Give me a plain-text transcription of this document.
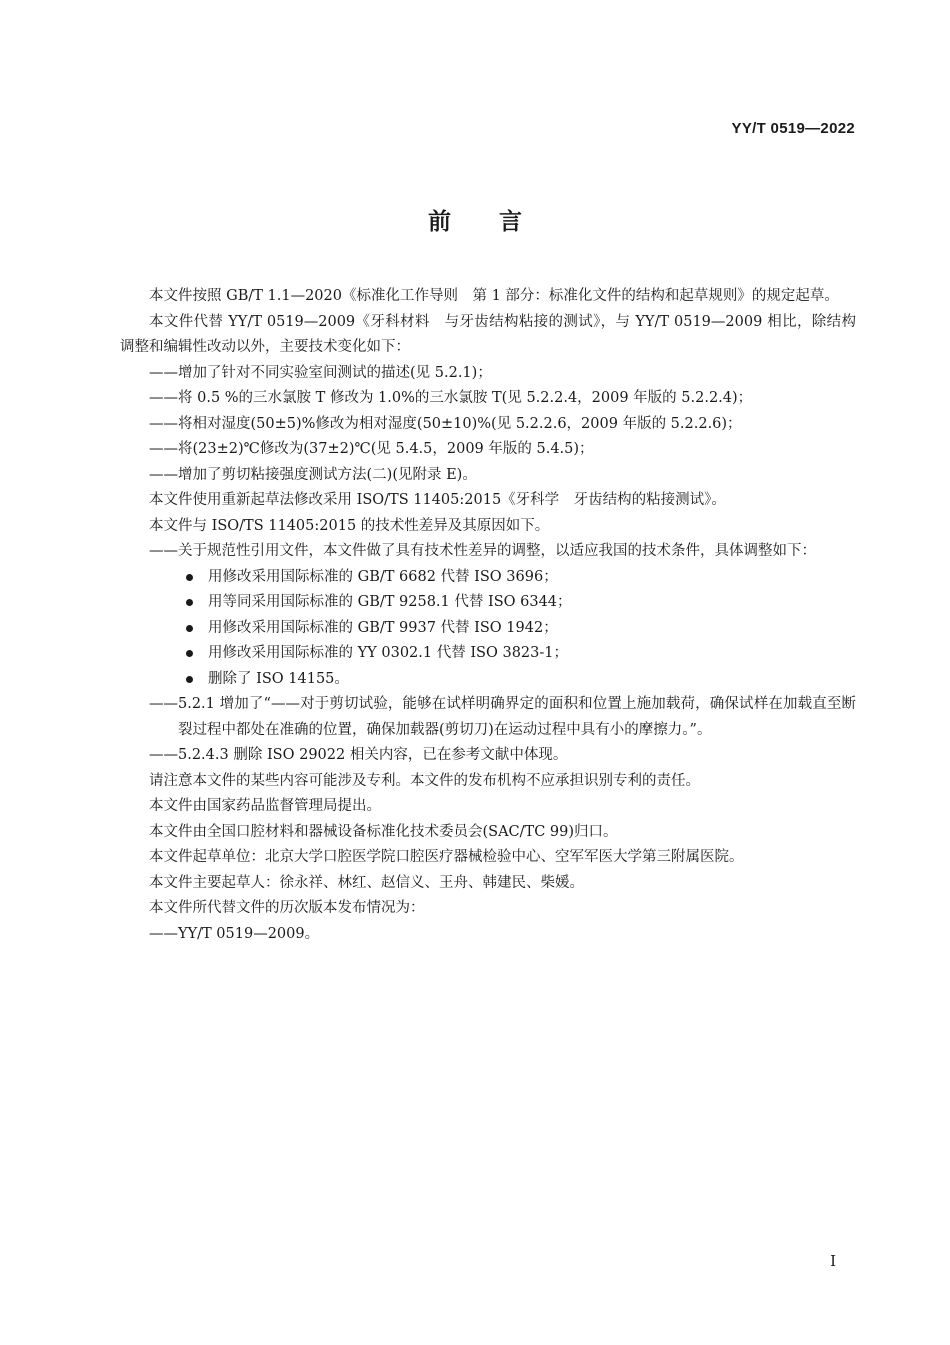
YY/T 0519—2022
前言

本文件按照 GB/T 1.1—2020《标准化工作导则　第 1 部分：标准化文件的结构和起草规则》的规定起草。

本文件代替 YY/T 0519—2009《牙科材料　与牙齿结构粘接的测试》，与 YY/T 0519—2009 相比，除结构调整和编辑性改动以外，主要技术变化如下：

——增加了针对不同实验室间测试的描述(见 5.2.1)；

——将 0.5 %的三水氯胺 T 修改为 1.0%的三水氯胺 T(见 5.2.2.4，2009 年版的 5.2.2.4)；

——将相对湿度(50±5)%修改为相对湿度(50±10)%(见 5.2.2.6，2009 年版的 5.2.2.6)；

——将(23±2)℃修改为(37±2)℃(见 5.4.5，2009 年版的 5.4.5)；

——增加了剪切粘接强度测试方法(二)(见附录 E)。

本文件使用重新起草法修改采用 ISO/TS 11405:2015《牙科学　牙齿结构的粘接测试》。

本文件与 ISO/TS 11405:2015 的技术性差异及其原因如下。

——关于规范性引用文件，本文件做了具有技术性差异的调整，以适应我国的技术条件，具体调整如下：

用修改采用国际标准的 GB/T 6682 代替 ISO 3696；

用等同采用国际标准的 GB/T 9258.1 代替 ISO 6344；

用修改采用国际标准的 GB/T 9937 代替 ISO 1942；

用修改采用国际标准的 YY 0302.1 代替 ISO 3823-1；

删除了 ISO 14155。

——5.2.1 增加了“——对于剪切试验，能够在试样明确界定的面积和位置上施加载荷，确保试样在加载直至断裂过程中都处在准确的位置，确保加载器(剪切刀)在运动过程中具有小的摩擦力。”。

——5.2.4.3 删除 ISO 29022 相关内容，已在参考文献中体现。

请注意本文件的某些内容可能涉及专利。本文件的发布机构不应承担识别专利的责任。

本文件由国家药品监督管理局提出。

本文件由全国口腔材料和器械设备标准化技术委员会(SAC/TC 99)归口。

本文件起草单位：北京大学口腔医学院口腔医疗器械检验中心、空军军医大学第三附属医院。

本文件主要起草人：徐永祥、林红、赵信义、王舟、韩建民、柴媛。

本文件所代替文件的历次版本发布情况为：

——YY/T 0519—2009。

I
